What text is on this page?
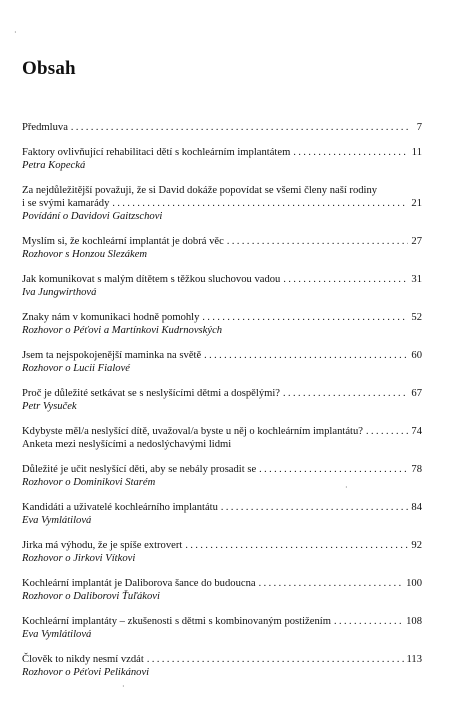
·
·
·
Obsah
Předmluva . . .	7
Faktory ovlivňující rehabilitaci dětí s kochleárním implantátem . . .	11
Petra Kopecká
Za nejdůležitější považuji, že si David dokáže popovídat se všemi členy naší rodiny
i se svými kamarády . . .	21
Povídání o Davidovi Gaitzschovi
Myslím si, že kochleární implantát je dobrá věc . . .	27
Rozhovor s Honzou Slezákem
Jak komunikovat s malým dítětem s těžkou sluchovou vadou . . .	31
Iva Jungwirthová
Znaky nám v komunikaci hodně pomohly . . .	52
Rozhovor o Péťovi a Martínkovi Kudrnovských
Jsem ta nejspokojenější maminka na světě . . .	60
Rozhovor o Lucii Fialové
Proč je důležité setkávat se s neslyšícími dětmi a dospělými? . . .	67
Petr Vysuček
Kdybyste měl/a neslyšící dítě, uvažoval/a byste u něj o kochleárním implantátu? . . .	74
Anketa mezi neslyšícími a nedoslýchavými lidmi
Důležité je učit neslyšící děti, aby se nebály prosadit se . . .	78
Rozhovor o Dominikovi Starém
Kandidáti a uživatelé kochleárního implantátu . . .	84
Eva Vymlátilová
Jirka má výhodu, že je spíše extrovert . . .	92
Rozhovor o Jirkovi Vítkovi
Kochleární implantát je Daliborova šance do budoucna . . .	100
Rozhovor o Daliborovi Ťuľákovi
Kochleární implantáty – zkušenosti s dětmi s kombinovaným postižením . . .	108
Eva Vymlátilová
Člověk to nikdy nesmí vzdát . . .	113
Rozhovor o Péťovi Pelikánovi
